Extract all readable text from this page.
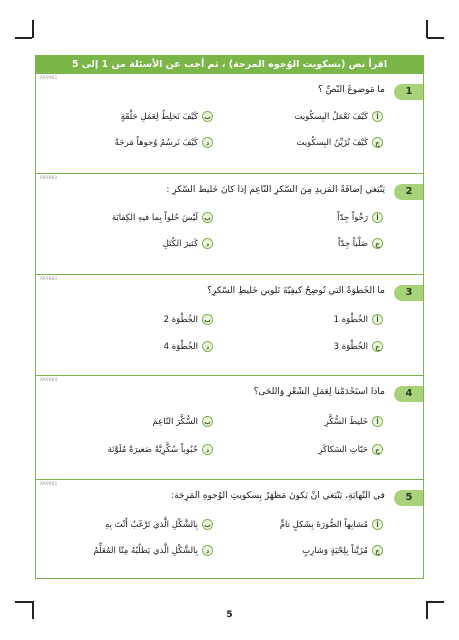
اقرأ نص (بسكويت الوُجوه المرحة) ، ثم أجب عن الأسئلة من 1 إلى 5
AR9901
1
ما مَوضوعُ النَّصِّ ؟
أ
كَيْفَ نَعْمَلُ البِسكُويت
ب
كَيْفَ نَخلِطُ لِعَمَلِ حَلْقَةٍ
ج
كَيْفَ نُزَيِّنُ البِسكُويت
د
كَيْفَ نَرسُمُ وُجوهاً مَرحَةً
AR9902
2
يَنْبَغي إضافَةُ المَزيدِ مِنَ السُّكَّرِ النّاعِمِ إذا كانَ خَليطُ السُّكَّرِ :
أ
رَخْواً جِدّاً
ب
لَيْسَ حُلواً بِما فيهِ الكِفايَة
ج
صَلْباً جِدّاً
د
كَثيرَ الكُتَلِ
AR9903
3
ما الخُطْوَةُ الَّتي تُوضِحُ كَيفِيَّةَ تَلوينِ خَليطِ السُّكَّرِ؟
أ
الخُطْوَة 1
ب
الخُطْوَة 2
ج
الخُطْوَة 3
د
الخُطْوَة 4
AR9904
4
ماذا استَخْدَمْنا لِعَمَلِ الشَّعْرِ وَاللِّحَى؟
أ
خَليطَ السُّكَّرِ
ب
السُّكَّرَ النّاعِمَ
ج
حَبّاتِ السَكاكَرِ
د
حُبُوباً سُكَّرِيَّةً صَغيرَةً مُلَوَّنَة
AR9905
5
في النِّهايَةِ، يَنْبَغي أَنْ يَكونَ مَظْهَرُ بِسكُويتِ الوُجوهِ المَرِحَة:
أ
مُشابِهاً الصُّورَةَ بِشَكلٍ تامٍّ
ب
بِالشَّكْلِ الَّذي تَرْغَبُ أَنْتَ بِهِ
ج
مُزَيَّناً بِلِحْيَةٍ وَشارِبٍ
د
بِالشَّكْلِ الَّذي يَطلُبُهُ مِنّا المُعَلِّمُ
5
